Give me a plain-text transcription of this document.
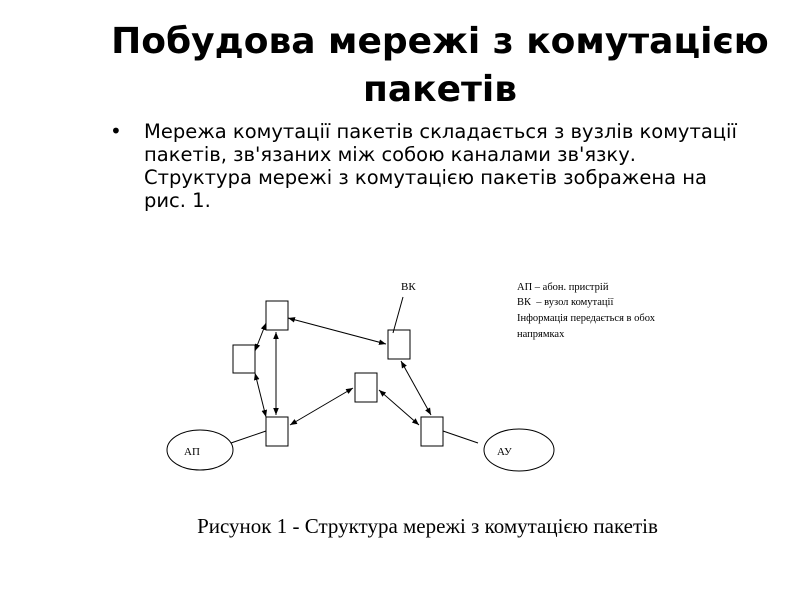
Побудова мережі з комутацією пакетів
• Мережа комутації пакетів складається з вузлів комутації пакетів, зв'язаних між собою каналами зв'язку. Структура мережі з комутацією пакетів зображена на рис. 1.
АП	АУ
ВК	АП – абон. пристрій
ВК  – вузол комутації
Інформація передається в обох
напрямках
Рисунок 1 - Структура мережі з комутацією пакетів
